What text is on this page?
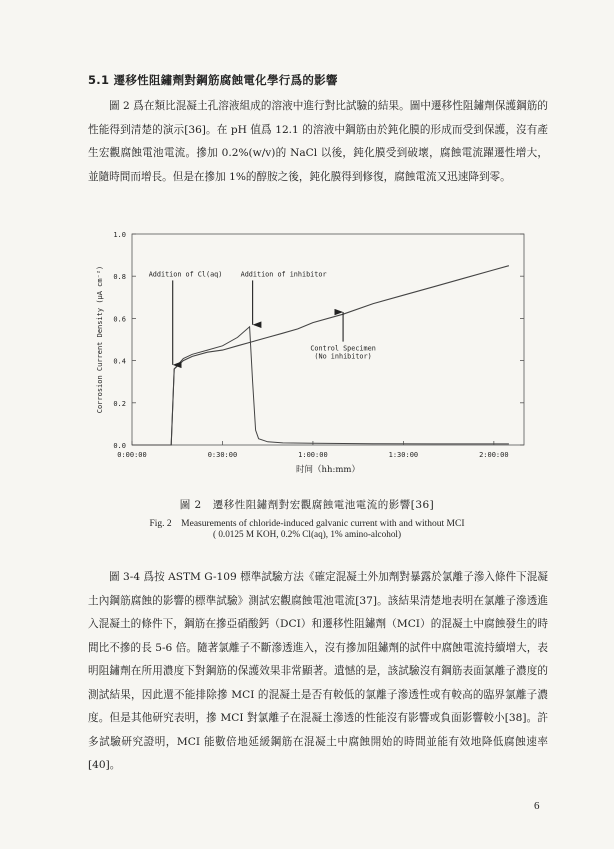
5.1 遷移性阻鏽劑對鋼筋腐蝕電化學行爲的影響

圖 2 爲在類比混凝土孔溶液組成的溶液中進行對比試驗的結果。圖中遷移性阻鏽劑保護鋼筋的性能得到清楚的演示[36]。在 pH 值爲 12.1 的溶液中鋼筋由於鈍化膜的形成而受到保護，沒有產生宏觀腐蝕電池電流。摻加 0.2%(w/v)的 NaCl 以後，鈍化膜受到破壞，腐蝕電流躍遷性增大，並隨時間而增長。但是在摻加 1%的醇胺之後，鈍化膜得到修復，腐蝕電流又迅速降到零。

0.0
0.2
0.4
0.6
0.8
1.0
0:00:00	0:30:00	1:00:00	1:30:00	2:00:00
时间（hh:mm）
Corrosion Current Density (μA cm⁻²)	Addition of Cl(aq)	Addition of inhibitor
Control Specimen
(No inhibitor)
圖 2　遷移性阻鏽劑對宏觀腐蝕電池電流的影響[36]
Fig. 2　Measurements of chloride-induced galvanic current with and without MCI
( 0.0125 M KOH, 0.2% Cl(aq), 1% amino-alcohol)

圖 3-4 爲按 ASTM G-109 標準試驗方法《確定混凝土外加劑對暴露於氯離子滲入條件下混凝土內鋼筋腐蝕的影響的標準試驗》測試宏觀腐蝕電池電流[37]。該結果清楚地表明在氯離子滲透進入混凝土的條件下，鋼筋在摻亞硝酸鈣（DCI）和遷移性阻鏽劑（MCI）的混凝土中腐蝕發生的時間比不摻的長 5-6 倍。隨著氯離子不斷滲透進入，沒有摻加阻鏽劑的試件中腐蝕電流持續增大，表明阻鏽劑在所用濃度下對鋼筋的保護效果非常顯著。遺憾的是，該試驗沒有鋼筋表面氯離子濃度的測試結果，因此還不能排除摻 MCI 的混凝土是否有較低的氯離子滲透性或有較高的臨界氯離子濃度。但是其他研究表明，摻 MCI 對氯離子在混凝土滲透的性能沒有影響或負面影響較小[38]。許多試驗研究證明，MCI 能數倍地延緩鋼筋在混凝土中腐蝕開始的時間並能有效地降低腐蝕速率[40]。

6
